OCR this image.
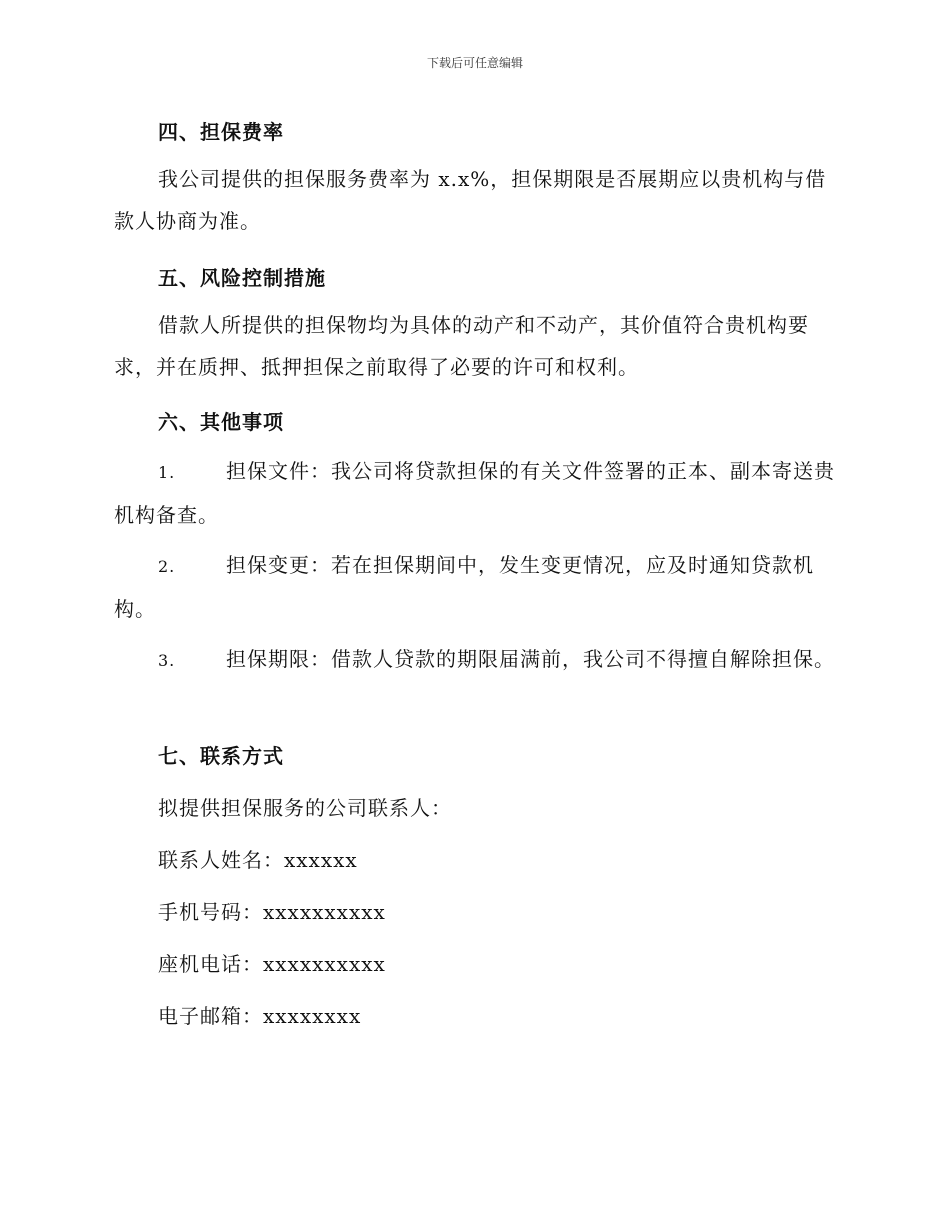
下载后可任意编辑
四、担保费率
我公司提供的担保服务费率为 x.x%，担保期限是否展期应以贵机构与借款人协商为准。
五、风险控制措施
借款人所提供的担保物均为具体的动产和不动产，其价值符合贵机构要求，并在质押、抵押担保之前取得了必要的许可和权利。
六、其他事项
1.	担保文件：我公司将贷款担保的有关文件签署的正本、副本寄送贵机构备查。
2.	担保变更：若在担保期间中，发生变更情况，应及时通知贷款机构。
3.	担保期限：借款人贷款的期限届满前，我公司不得擅自解除担保。
七、联系方式
拟提供担保服务的公司联系人：
联系人姓名：xxxxxx
手机号码：xxxxxxxxxx
座机电话：xxxxxxxxxx
电子邮箱：xxxxxxxx
